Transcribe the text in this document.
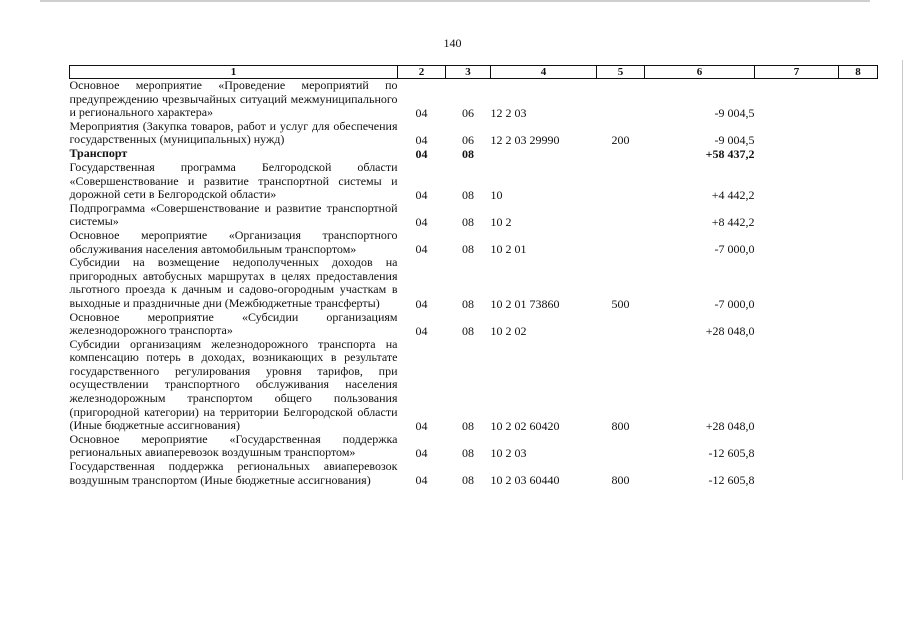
140
1	2	3	4	5	6	7	8
Основное мероприятие «Проведение мероприятий по предупреждению чрезвычайных ситуаций межмуниципального и регионального характера»	04	06	12 2 03		-9 004,5		
Мероприятия (Закупка товаров, работ и услуг для обеспечения государственных (муниципальных) нужд)	04	06	12 2 03 29990	200	-9 004,5		
Транспорт	04	08			+58 437,2		
Государственная программа Белгородской области «Совершенствование и развитие транспортной системы и дорожной сети в Белгородской области»	04	08	10		+4 442,2		
Подпрограмма «Совершенствование и развитие транспортной системы»	04	08	10 2		+8 442,2		
Основное мероприятие «Организация транспортного обслуживания населения автомобильным транспортом»	04	08	10 2 01		-7 000,0		
Субсидии на возмещение недополученных доходов на пригородных автобусных маршрутах в целях предоставления льготного проезда к дачным и садово-огородным участкам в выходные и праздничные дни (Межбюджетные трансферты)	04	08	10 2 01 73860	500	-7 000,0		
Основное мероприятие «Субсидии организациям железнодорожного транспорта»	04	08	10 2 02		+28 048,0		
Субсидии организациям железнодорожного транспорта на компенсацию потерь в доходах, возникающих в результате государственного регулирования уровня тарифов, при осуществлении транспортного обслуживания населения железнодорожным транспортом общего пользования (пригородной категории) на территории Белгородской области (Иные бюджетные ассигнования)	04	08	10 2 02 60420	800	+28 048,0		
Основное мероприятие «Государственная поддержка региональных авиаперевозок воздушным транспортом»	04	08	10 2 03		-12 605,8		
Государственная поддержка региональных авиаперевозок воздушным транспортом (Иные бюджетные ассигнования)	04	08	10 2 03 60440	800	-12 605,8		
